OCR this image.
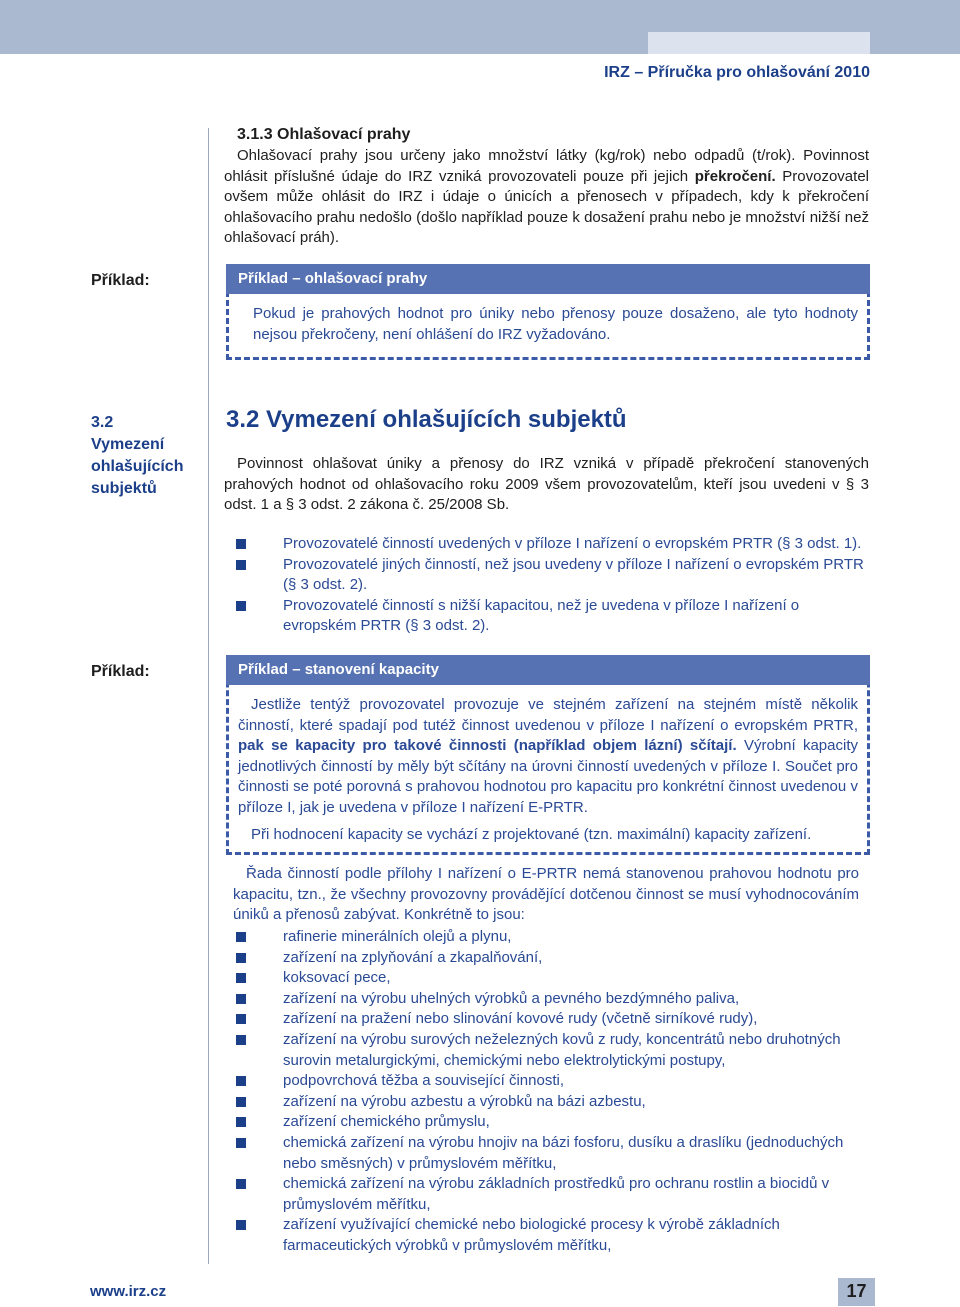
IRZ – Příručka pro ohlašování 2010
3.1.3 Ohlašovací prahy

Ohlašovací prahy jsou určeny jako množství látky (kg/rok) nebo odpadů (t/rok). Povinnost ohlásit příslušné údaje do IRZ vzniká provozovateli pouze při jejich překročení. Provozovatel ovšem může ohlásit do IRZ i údaje o únicích a přenosech v případech, kdy k překročení ohlašovacího prahu nedošlo (došlo například pouze k dosažení prahu nebo je množství nižší než ohlašovací práh).

Příklad:	Příklad – ohlašovací prahy
Pokud je prahových hodnot pro úniky nebo přenosy pouze dosaženo, ale tyto hodnoty nejsou překročeny, není ohlášení do IRZ vyžadováno.
3.2
Vymezení
ohlašujících
subjektů
3.2 Vymezení ohlašujících subjektů

Povinnost ohlašovat úniky a přenosy do IRZ vzniká v případě překročení stanovených prahových hodnot od ohlašovacího roku 2009 všem provozovatelům, kteří jsou uvedeni v § 3 odst. 1 a § 3 odst. 2 zákona č. 25/2008 Sb.

Provozovatelé činností uvedených v příloze I nařízení o evropském PRTR (§ 3 odst. 1).
Provozovatelé jiných činností, než jsou uvedeny v příloze I nařízení o evropském PRTR (§ 3 odst. 2).
Provozovatelé činností s nižší kapacitou, než je uvedena v příloze I nařízení o evropském PRTR (§ 3 odst. 2).
Příklad:	Příklad – stanovení kapacity
Jestliže tentýž provozovatel provozuje ve stejném zařízení na stejném místě několik činností, které spadají pod tutéž činnost uvedenou v příloze I nařízení o evropském PRTR, pak se kapacity pro takové činnosti (například objem lázní) sčítají. Výrobní kapacity jednotlivých činností by měly být sčítány na úrovni činností uvedených v příloze I. Součet pro činnosti se poté porovná s prahovou hodnotou pro kapacitu pro konkrétní činnost uvedenou v příloze I, jak je uvedena v příloze I nařízení E-PRTR.
Při hodnocení kapacity se vychází z projektované (tzn. maximální) kapacity zařízení.

Řada činností podle přílohy I nařízení o E-PRTR nemá stanovenou prahovou hodnotu pro kapacitu, tzn., že všechny provozovny provádějící dotčenou činnost se musí vyhodnocováním úniků a přenosů zabývat. Konkrétně to jsou:

rafinerie minerálních olejů a plynu,
zařízení na zplyňování a zkapalňování,
koksovací pece,
zařízení na výrobu uhelných výrobků a pevného bezdýmného paliva,
zařízení na pražení nebo slinování kovové rudy (včetně sirníkové rudy),
zařízení na výrobu surových neželezných kovů z rudy, koncentrátů nebo druhotných surovin metalurgickými, chemickými nebo elektrolytickými postupy,
podpovrchová těžba a související činnosti,
zařízení na výrobu azbestu a výrobků na bázi azbestu,
zařízení chemického průmyslu,
chemická zařízení na výrobu hnojiv na bázi fosforu, dusíku a draslíku (jednoduchých nebo směsných) v průmyslovém měřítku,
chemická zařízení na výrobu základních prostředků pro ochranu rostlin a biocidů v průmyslovém měřítku,
zařízení využívající chemické nebo biologické procesy k výrobě základních farmaceutických výrobků v průmyslovém měřítku,
www.irz.cz	17
